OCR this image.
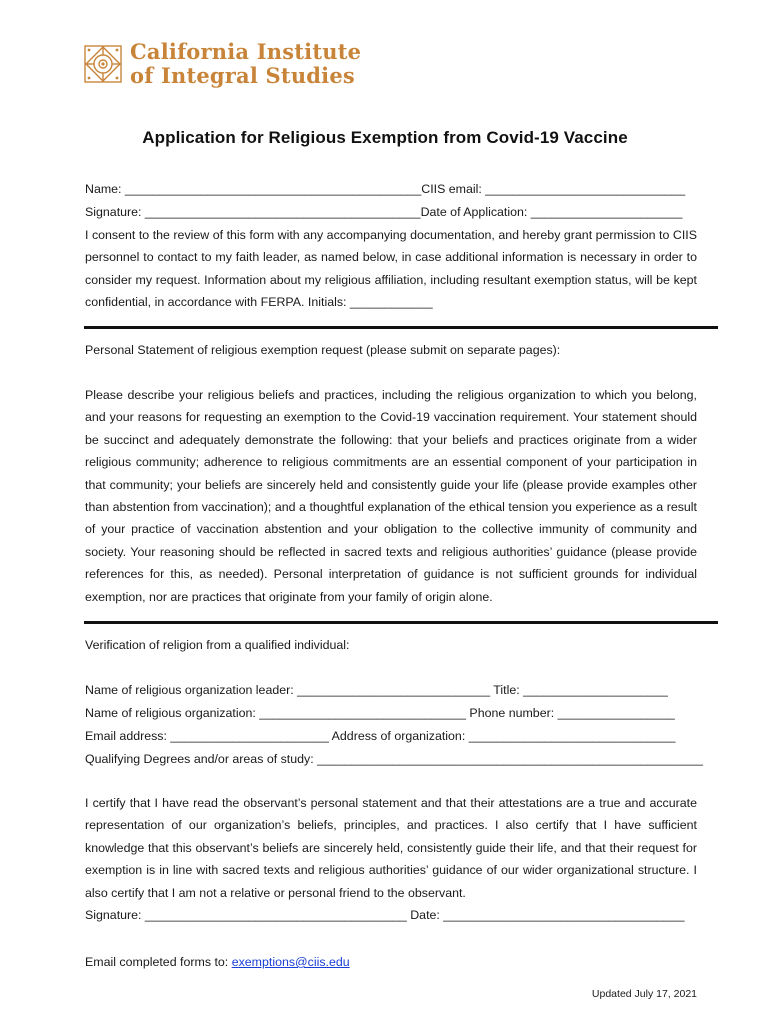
California Institute
of Integral Studies
Application for Religious Exemption from Covid-19 Vaccine
Name: ___________________________________________CIIS email: _____________________________
Signature: ________________________________________Date of Application: ______________________
I consent to the review of this form with any accompanying documentation, and hereby grant permission to CIIS personnel to contact to my faith leader, as named below, in case additional information is necessary in order to consider my request. Information about my religious affiliation, including resultant exemption status, will be kept confidential, in accordance with FERPA. Initials: ____________
Personal Statement of religious exemption request (please submit on separate pages):
Please describe your religious beliefs and practices, including the religious organization to which you belong, and your reasons for requesting an exemption to the Covid-19 vaccination requirement. Your statement should be succinct and adequately demonstrate the following: that your beliefs and practices originate from a wider religious community; adherence to religious commitments are an essential component of your participation in that community; your beliefs are sincerely held and consistently guide your life (please provide examples other than abstention from vaccination); and a thoughtful explanation of the ethical tension you experience as a result of your practice of vaccination abstention and your obligation to the collective immunity of community and society. Your reasoning should be reflected in sacred texts and religious authorities’ guidance (please provide references for this, as needed). Personal interpretation of guidance is not sufficient grounds for individual exemption, nor are practices that originate from your family of origin alone.
Verification of religion from a qualified individual:
Name of religious organization leader: ____________________________ Title: _____________________
Name of religious organization: ______________________________ Phone number: _________________
Email address: _______________________ Address of organization: ______________________________
Qualifying Degrees and/or areas of study: ________________________________________________________
I certify that I have read the observant’s personal statement and that their attestations are a true and accurate representation of our organization’s beliefs, principles, and practices. I also certify that I have sufficient knowledge that this observant’s beliefs are sincerely held, consistently guide their life, and that their request for exemption is in line with sacred texts and religious authorities’ guidance of our wider organizational structure. I also certify that I am not a relative or personal friend to the observant.
Signature: ______________________________________ Date: ___________________________________
Email completed forms to: exemptions@ciis.edu
Updated July 17, 2021
